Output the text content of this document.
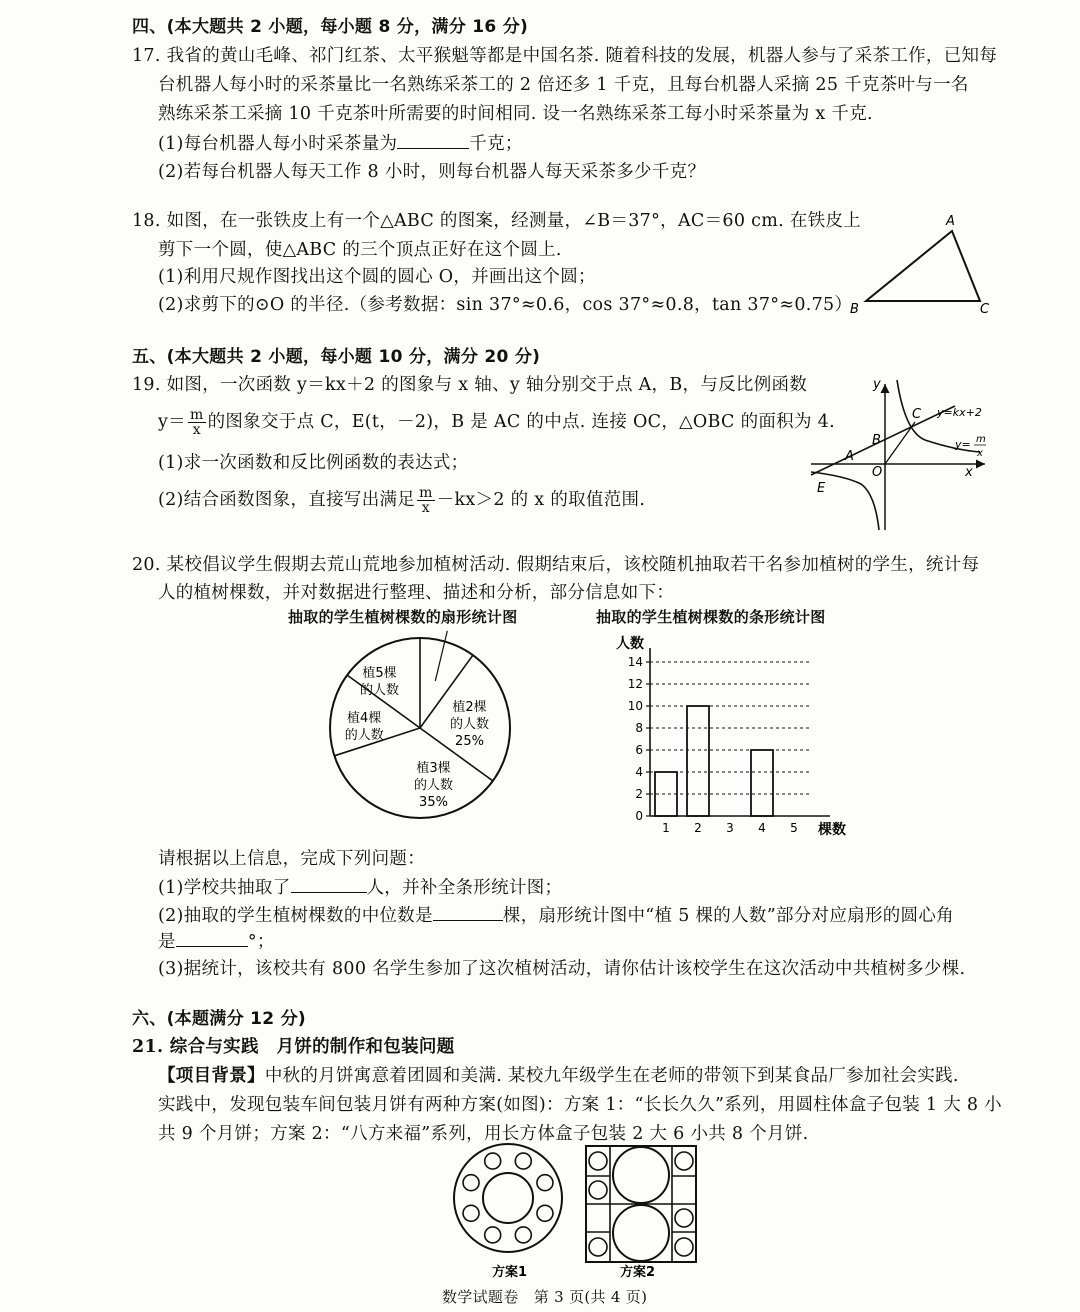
四、(本大题共 2 小题，每小题 8 分，满分 16 分)
17. 我省的黄山毛峰、祁门红茶、太平猴魁等都是中国名茶. 随着科技的发展，机器人参与了采茶工作，已知每
台机器人每小时的采茶量比一名熟练采茶工的 2 倍还多 1 千克，且每台机器人采摘 25 千克茶叶与一名
熟练采茶工采摘 10 千克茶叶所需要的时间相同. 设一名熟练采茶工每小时采茶量为 x 千克.
(1)每台机器人每小时采茶量为	千克；
(2)若每台机器人每天工作 8 小时，则每台机器人每天采茶多少千克？
18. 如图，在一张铁皮上有一个△ABC 的图案，经测量，∠B＝37°，AC＝60 cm. 在铁皮上
剪下一个圆，使△ABC 的三个顶点正好在这个圆上.
(1)利用尺规作图找出这个圆的圆心 O，并画出这个圆；
(2)求剪下的⊙O 的半径.（参考数据：sin 37°≈0.6，cos 37°≈0.8，tan 37°≈0.75）
A
B	C
五、(本大题共 2 小题，每小题 10 分，满分 20 分)
19. 如图，一次函数 y＝kx＋2 的图象与 x 轴、y 轴分别交于点 A，B，与反比例函数
$y= \frac{m}{x}$ 的图象交于点 C，E(t，－2)，B 是 AC 的中点. 连接 OC，△OBC 的面积为 4.
(1)求一次函数和反比例函数的表达式；
(2)结合函数图象，直接写出满足 $\frac{m}{x} -kx>2$ 的 x 的取值范围.
y
x
O
A
B
C
E
y=kx+2
y= m
x
20. 某校倡议学生假期去荒山荒地参加植树活动. 假期结束后，该校随机抽取若干名参加植树的学生，统计每
人的植树棵数，并对数据进行整理、描述和分析，部分信息如下：
抽取的学生植树棵数的扇形统计图
植2棵
的人数
25%
植3棵
的人数
35%
植4棵
的人数
植5棵
的人数
抽取的学生植树棵数的条形统计图
0
2
4
6
8
10
12
14
人数
1 2 3 4 5 棵数
请根据以上信息，完成下列问题：
(1)学校共抽取了	人，并补全条形统计图；
(2)抽取的学生植树棵数的中位数是	棵，扇形统计图中“植 5 棵的人数”部分对应扇形的圆心角
是	°；
(3)据统计，该校共有 800 名学生参加了这次植树活动，请你估计该校学生在这次活动中共植树多少棵.
六、(本题满分 12 分)
21. 综合与实践　月饼的制作和包装问题
【项目背景】中秋的月饼寓意着团圆和美满. 某校九年级学生在老师的带领下到某食品厂参加社会实践.
实践中，发现包装车间包装月饼有两种方案(如图)：方案 1：“长长久久”系列，用圆柱体盒子包装 1 大 8 小
共 9 个月饼；方案 2：“八方来福”系列，用长方体盒子包装 2 大 6 小共 8 个月饼.
方案1	方案2
数学试题卷　第 3 页(共 4 页)
